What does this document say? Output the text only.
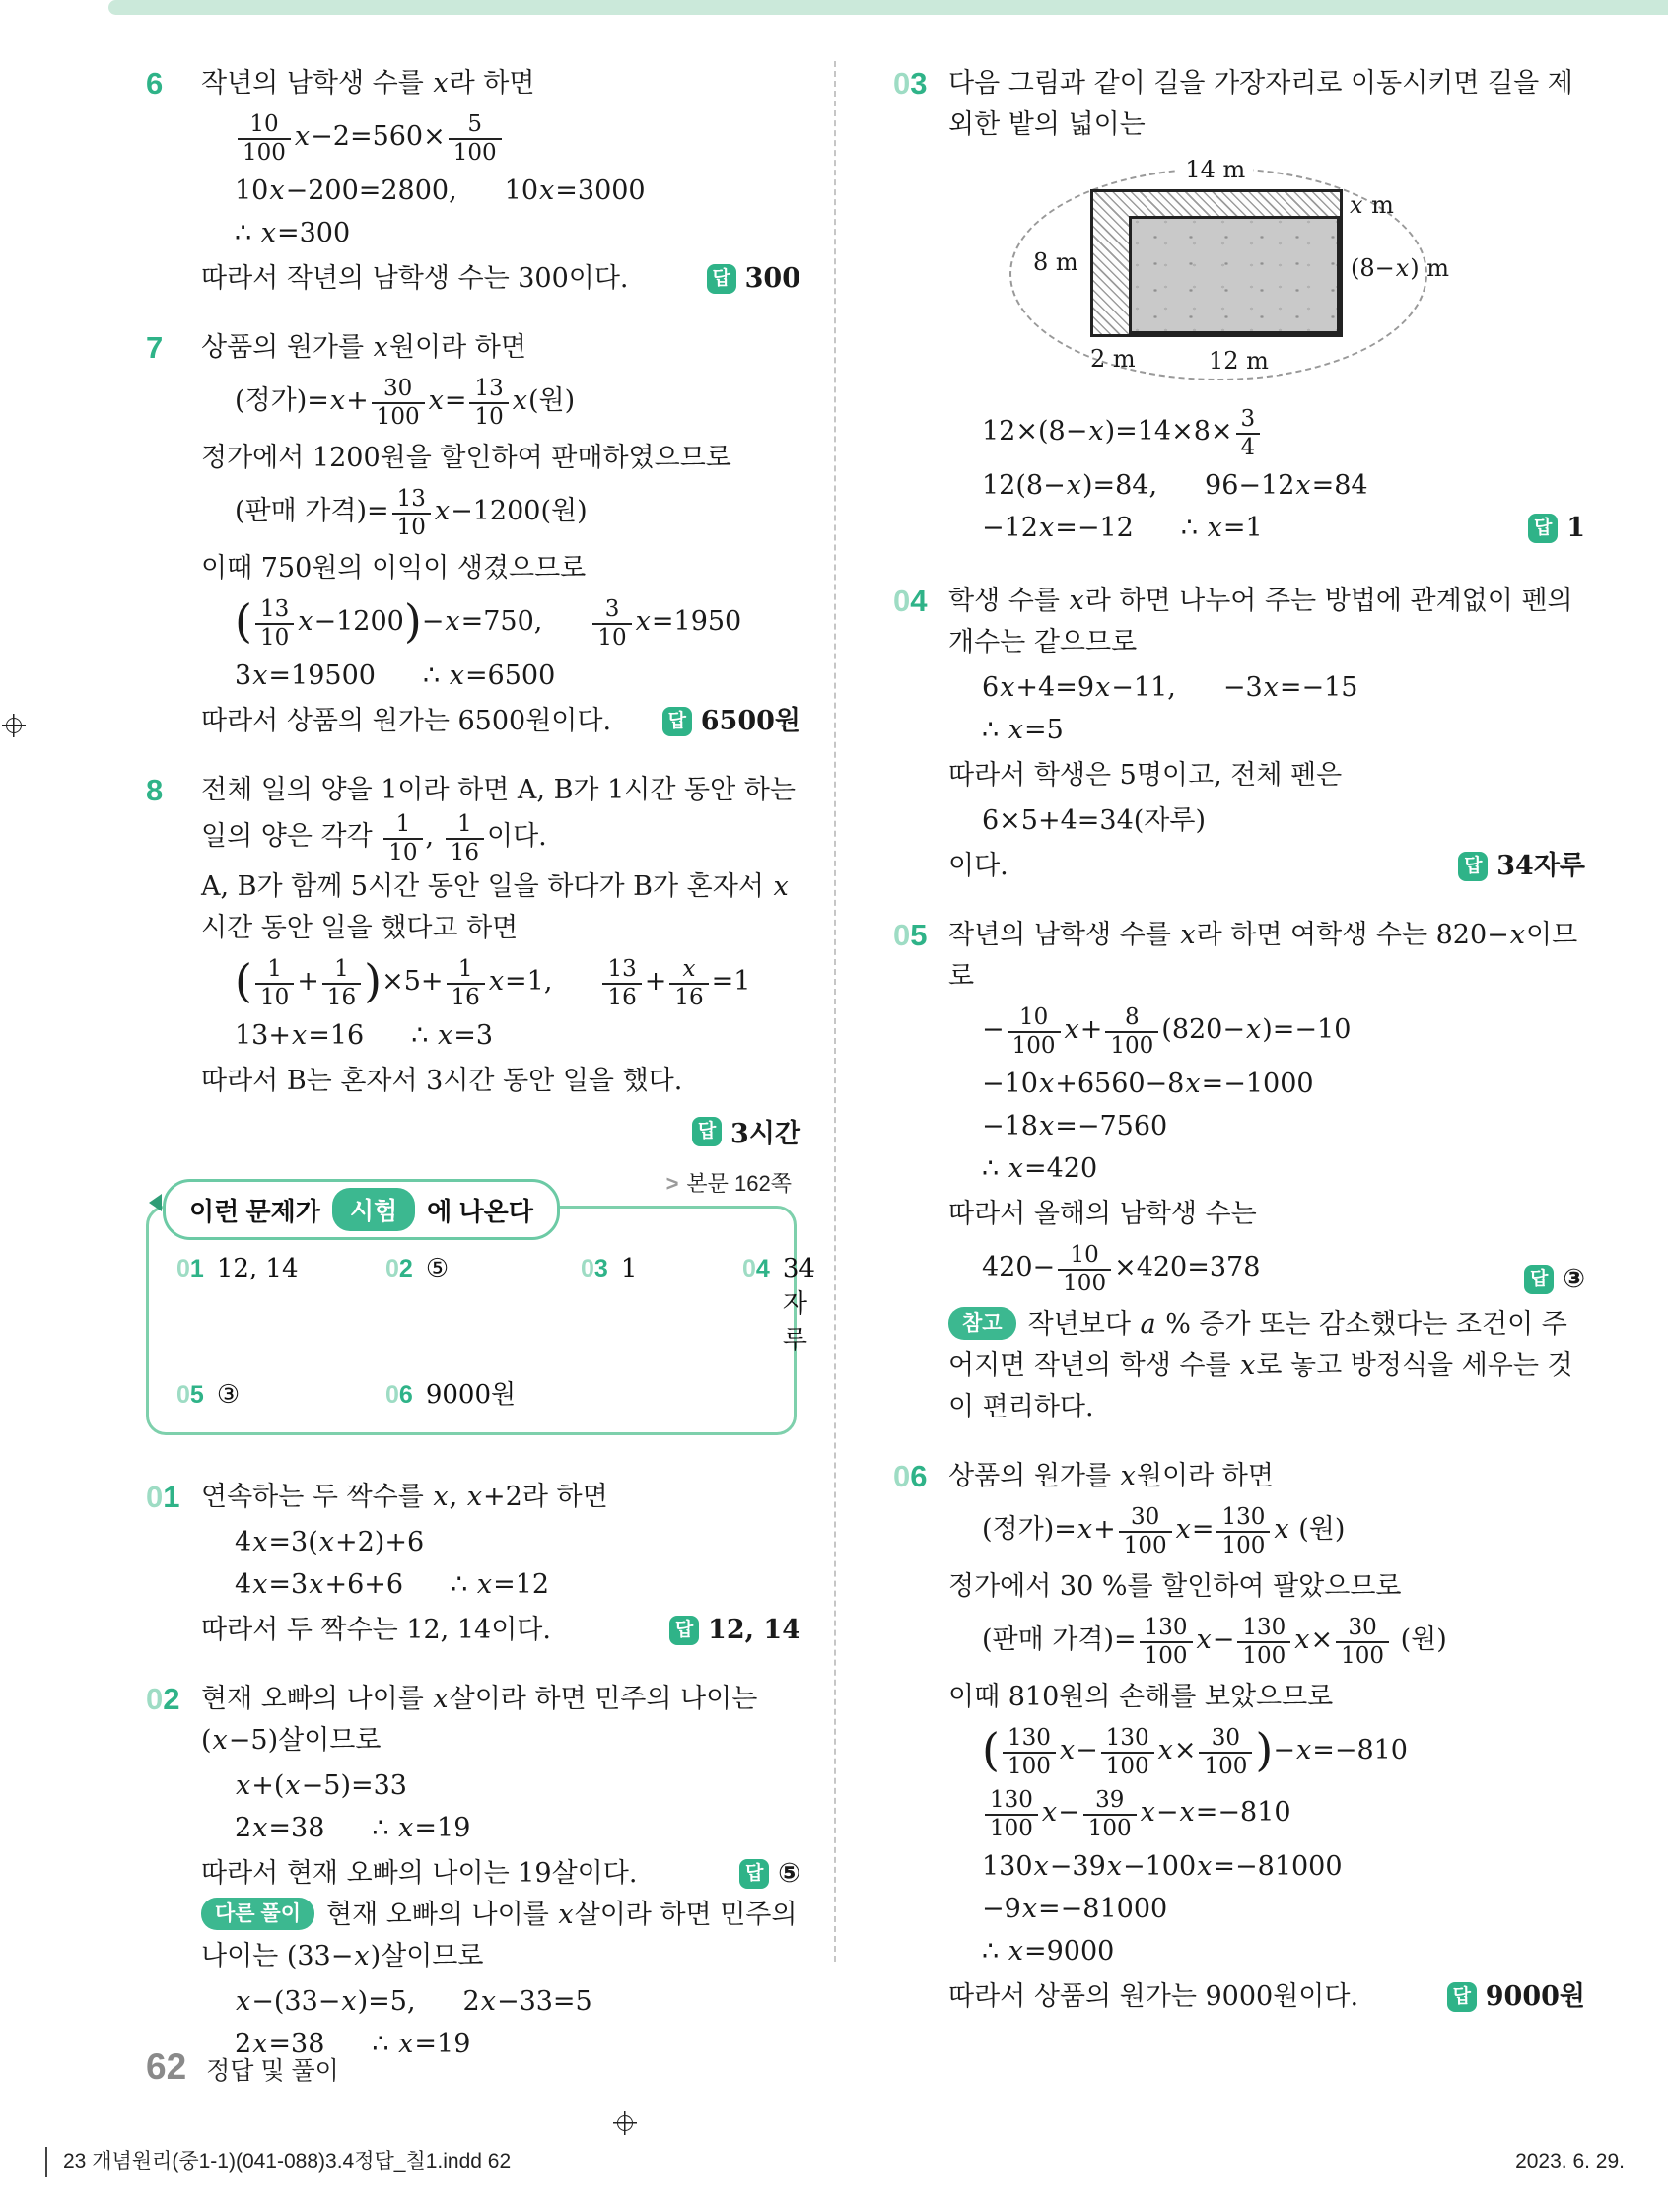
6	작년의 남학생 수를 x라 하면
$\frac{10}{100} x-2=560\times \frac{5}{100}$
10x−200=2800, 10x=3000
∴ x=300
따라서 작년의 남학생 수는 300이다.	답 300
7	상품의 원가를 x원이라 하면
(정가)$=x+ \frac{30}{100} x= \frac{13}{10} x$(원)
정가에서 1200원을 할인하여 판매하였으므로
(판매 가격)= $\frac{13}{10} x-1200$(원)
이때 750원의 이익이 생겼으므로
( $\frac{13}{10} x-1200)-x=750$, $\frac{3}{10} x=1950$
3x=19500 ∴ x=6500
따라서 상품의 원가는 6500원이다.	답 6500원
8	전체 일의 양을 1이라 하면 A, B가 1시간 동안 하는 일의 양은 각각 $\frac{1}{10}$ , $\frac{1}{16}$ 이다.
A, B가 함께 5시간 동안 일을 하다가 B가 혼자서 x시간 동안 일을 했다고 하면
( $\frac{1}{10} + \frac{1}{16} )\times 5+ \frac{1}{16} x=1$, $\frac{13}{16} + \frac{x}{16} =1$
13+x=16 ∴ x=3
따라서 B는 혼자서 3시간 동안 일을 했다.
답 3시간
> 본문 162쪽
이런 문제가	시험	에 나온다
01 12, 14	02 ⑤	03 1	04 34자루
05 ③	06 9000원
01 연속하는 두 짝수를 x, x+2라 하면
4x=3(x+2)+6
4x=3x+6+6 ∴ x=12
따라서 두 짝수는 12, 14이다.	답 12, 14
02 현재 오빠의 나이를 x살이라 하면 민주의 나이는 (x−5)살이므로
x+(x−5)=33
2x=38 ∴ x=19
따라서 현재 오빠의 나이는 19살이다.	답 ⑤
다른 풀이 현재 오빠의 나이를 x살이라 하면 민주의 나이는 (33−x)살이므로
x−(33−x)=5, 2x−33=5
2x=38 ∴ x=19
03 다음 그림과 같이 길을 가장자리로 이동시키면 길을 제외한 밭의 넓이는
14 m
x m
8 m	(8−x) m
2 m	12 m
$12\times(8-x)=14\times 8\times \frac{3}{4}$
12(8−x)=84, 96−12x=84
−12x=−12 ∴ x=1	답 1
04 학생 수를 x라 하면 나누어 주는 방법에 관계없이 펜의 개수는 같으므로
6x+4=9x−11, −3x=−15
∴ x=5
따라서 학생은 5명이고, 전체 펜은
6×5+4=34(자루)
이다.	답 34자루
05 작년의 남학생 수를 x라 하면 여학생 수는 820−x이므로
− $\frac{10}{100} x+ \frac{8}{100} (820-x)=-10$
−10x+6560−8x=−1000
−18x=−7560
∴ x=420
따라서 올해의 남학생 수는
$420- \frac{10}{100} \times 420=378$	답 ③
참고 작년보다 a % 증가 또는 감소했다는 조건이 주어지면 작년의 학생 수를 x로 놓고 방정식을 세우는 것이 편리하다.
06 상품의 원가를 x원이라 하면
(정가)$=x+ \frac{30}{100} x= \frac{130}{100}$ x (원)
정가에서 30 %를 할인하여 팔았으므로
(판매 가격)= $\frac{130}{100} x- \frac{130}{100} x\times \frac{30}{100}$ (원)
이때 810원의 손해를 보았으므로
( $\frac{130}{100} x- \frac{130}{100} x\times \frac{30}{100} )-x=-810$
$\frac{130}{100} x- \frac{39}{100} x-x=-810$
130x−39x−100x=−81000
−9x=−81000
∴ x=9000
따라서 상품의 원가는 9000원이다.	답 9000원
62 정답 및 풀이
23 개념원리(중1-1)(041-088)3.4정답_칠1.indd 62	2023. 6. 29.
